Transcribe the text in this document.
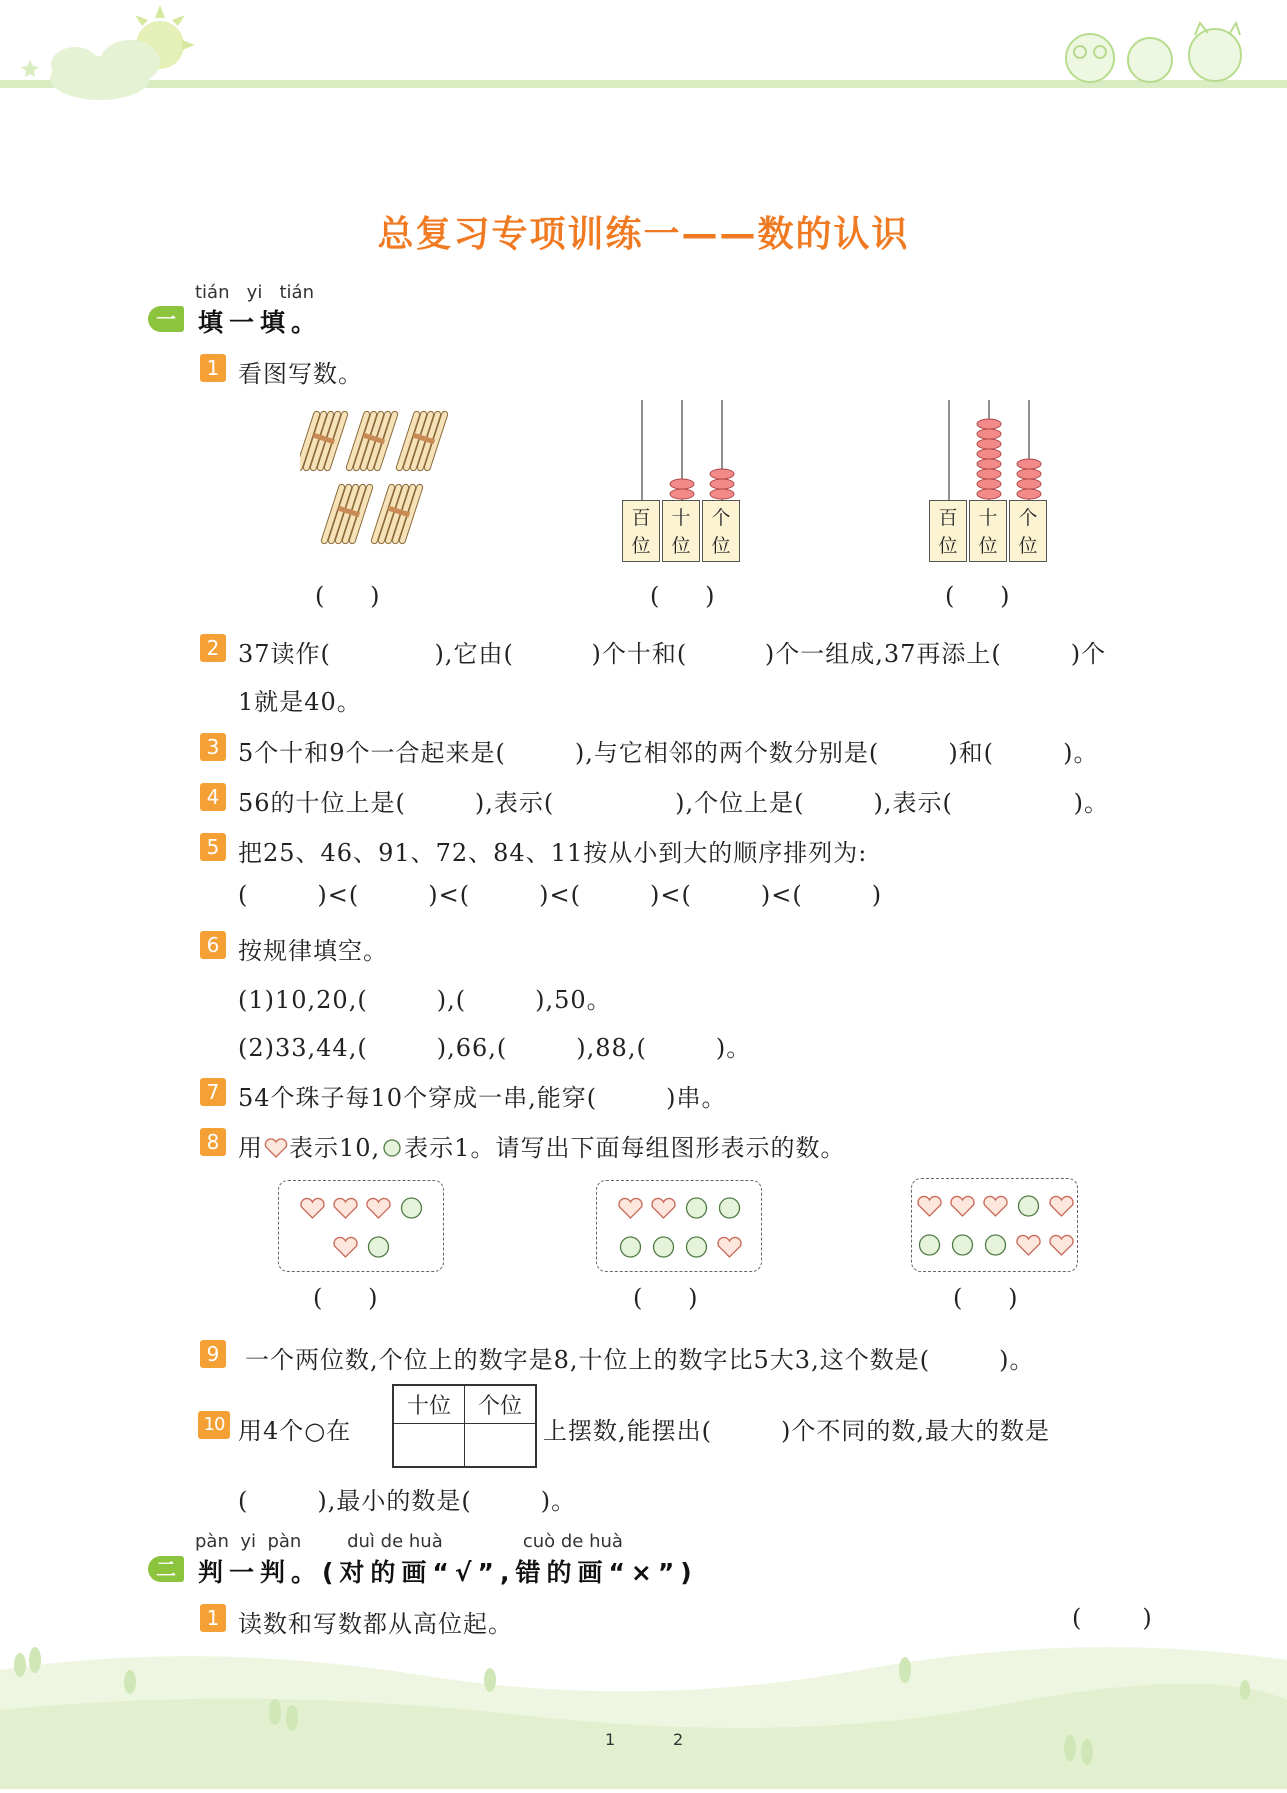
总复习专项训练一——数的认识
tián yi tián
一 填一填。
1 看图写数。
百
位
十
位
个
位
百
位
十
位
个
位
(      )	(      )	(      )
2 37读作(            ),它由(         )个十和(         )个一组成,37再添上(        )个
1就是40。
3 5个十和9个一合起来是(        ),与它相邻的两个数分别是(        )和(        )。
4 56的十位上是(        ),表示(              ),个位上是(        ),表示(              )。
5 把25、46、91、72、84、11按从小到大的顺序排列为:
(        )<(        )<(        )<(        )<(        )<(        )
6 按规律填空。
(1)10,20,(        ),(        ),50。
(2)33,44,(        ),66,(        ),88,(        )。
7 54个珠子每10个穿成一串,能穿(        )串。
8 用 表示10, 表示1。请写出下面每组图形表示的数。
(      )	(      )	(      )
9 一个两位数,个位上的数字是8,十位上的数字比5大3,这个数是(        )。
10 用4个○在
十位	个位

上摆数,能摆出(        )个不同的数,最大的数是
(        ),最小的数是(        )。
pàn yi pàn	duì de huà	cuò de huà
二 判一判。(对的画“√”,错的画“×”)
1 读数和写数都从高位起。	(        )
1	2
